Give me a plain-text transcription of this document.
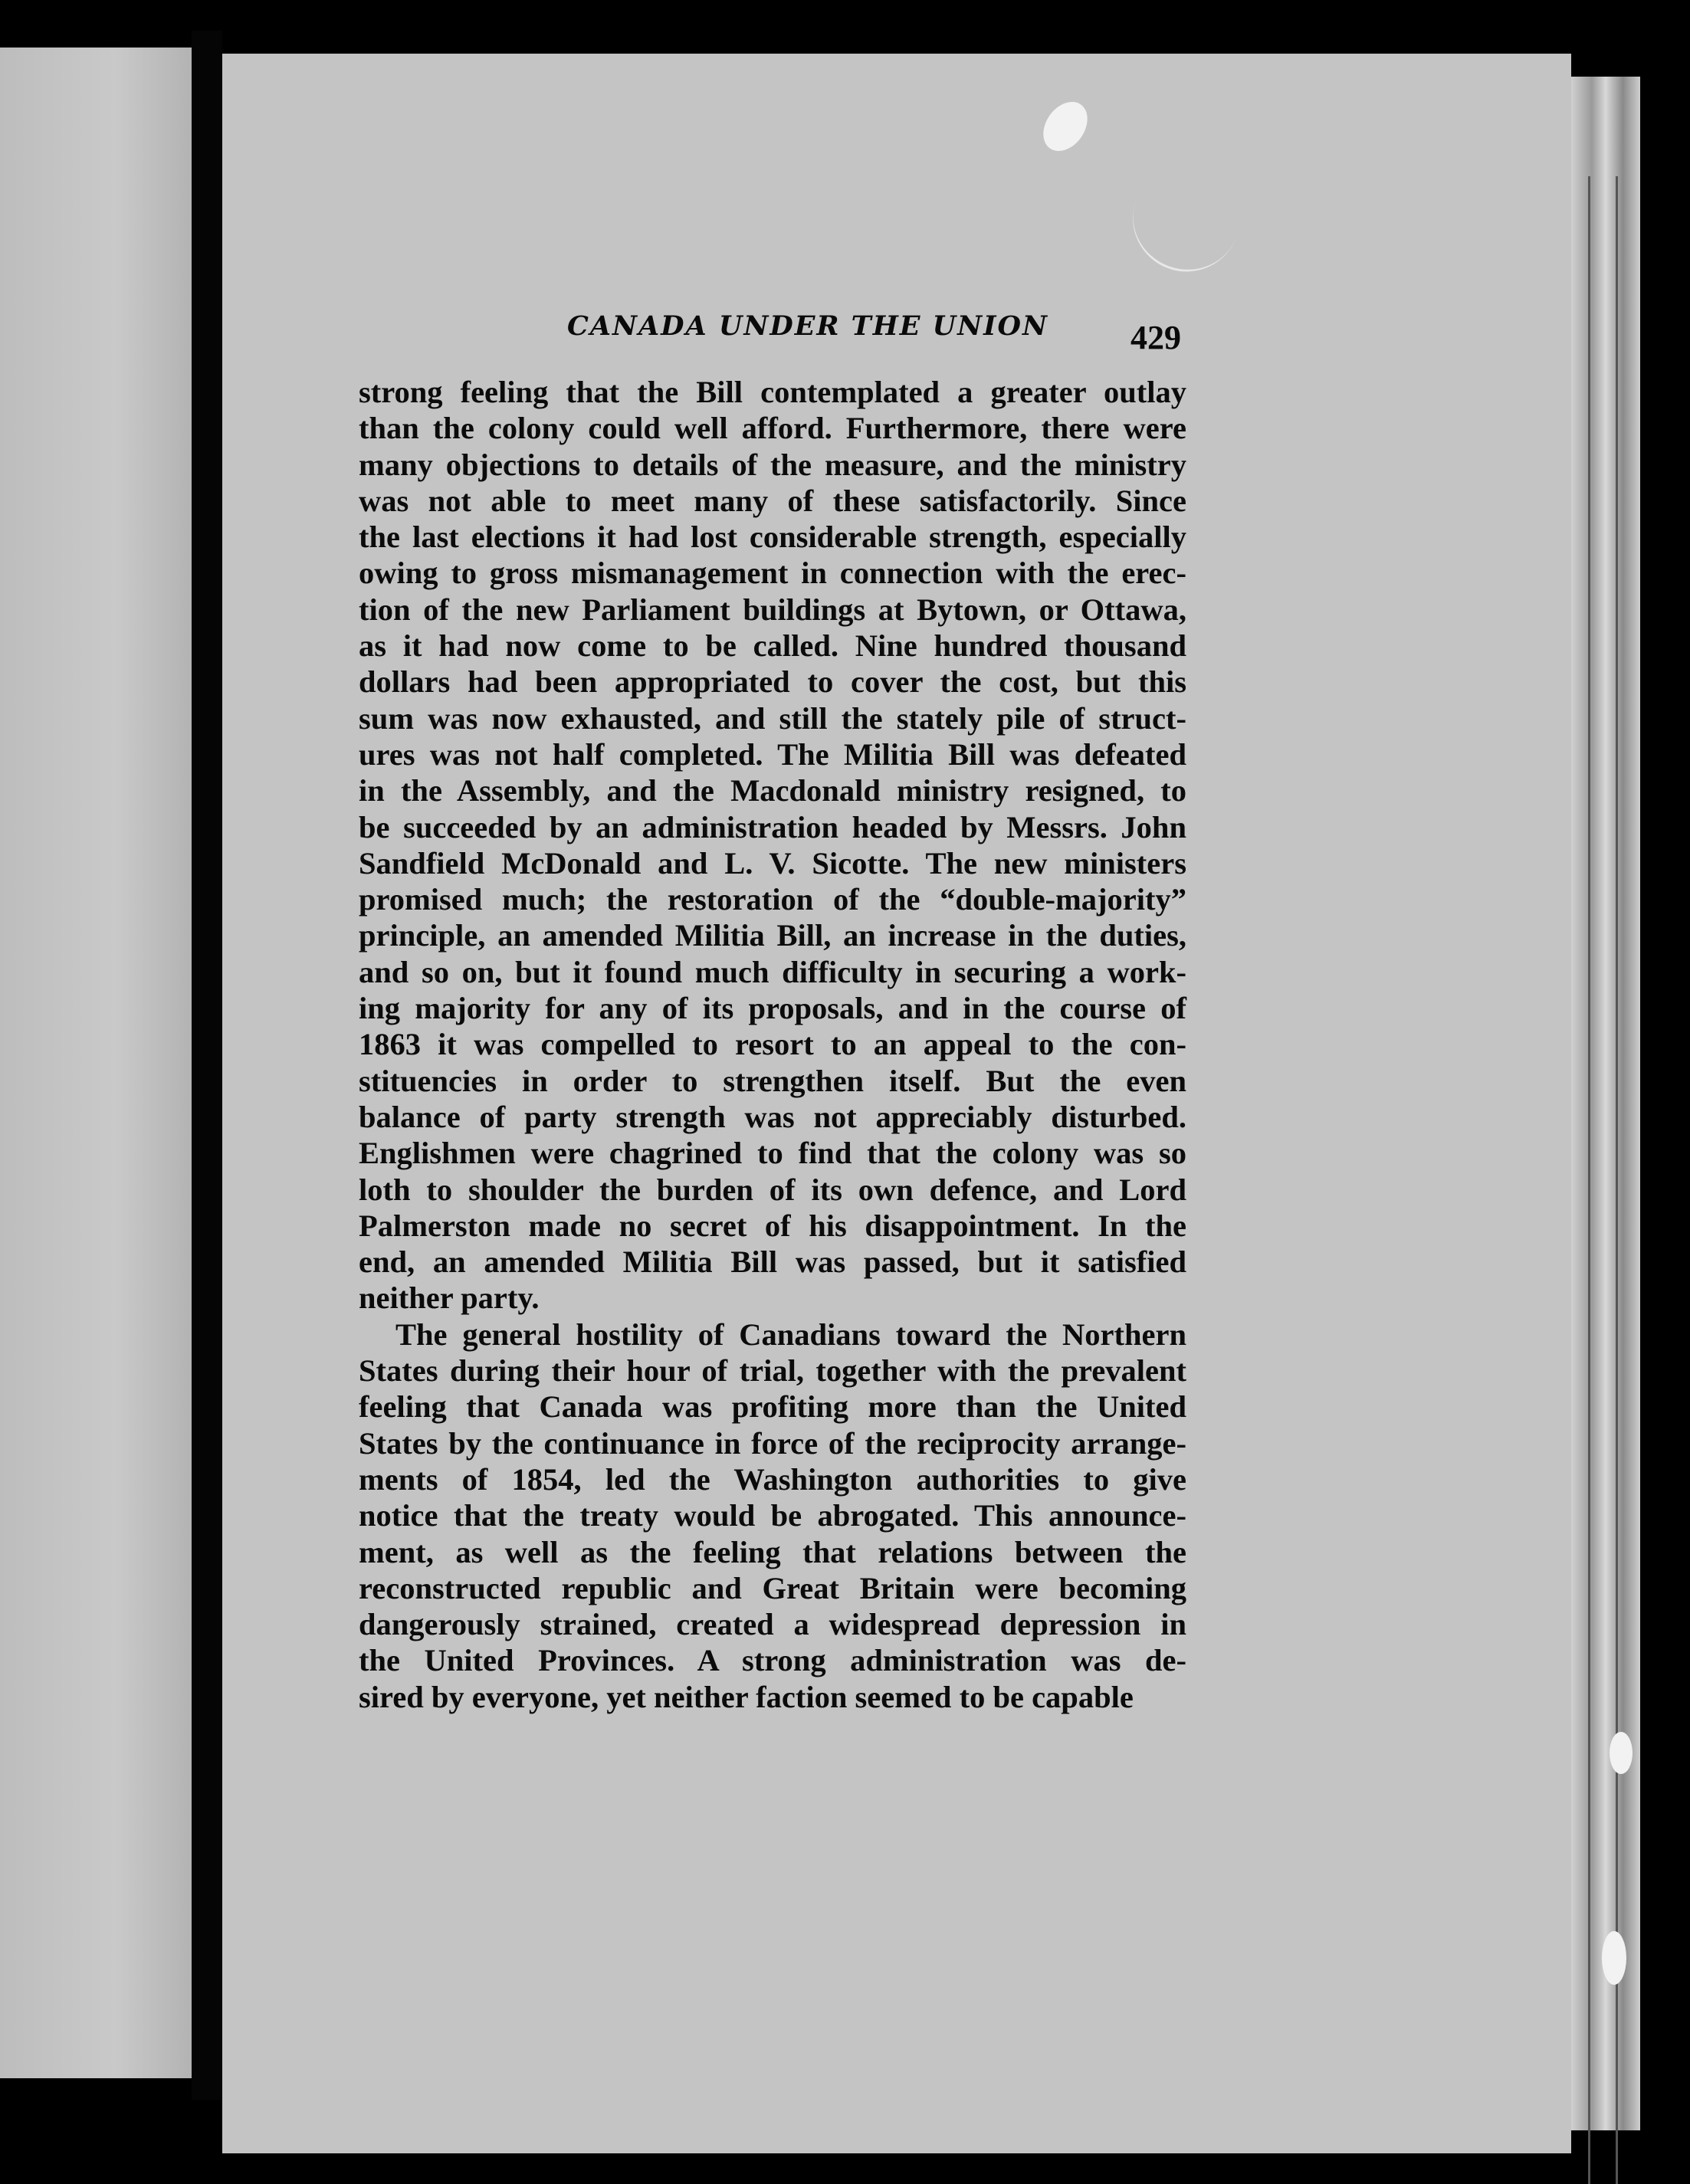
CANADA UNDER THE UNION 429
strong feeling that the Bill contemplated a greater outlay
than the colony could well afford. Furthermore, there were
many objections to details of the measure, and the ministry
was not able to meet many of these satisfactorily. Since
the last elections it had lost considerable strength, especially
owing to gross mismanagement in connection with the erec-
tion of the new Parliament buildings at Bytown, or Ottawa,
as it had now come to be called. Nine hundred thousand
dollars had been appropriated to cover the cost, but this
sum was now exhausted, and still the stately pile of struct-
ures was not half completed. The Militia Bill was defeated
in the Assembly, and the Macdonald ministry resigned, to
be succeeded by an administration headed by Messrs. John
Sandfield McDonald and L. V. Sicotte. The new ministers
promised much; the restoration of the “double-majority”
principle, an amended Militia Bill, an increase in the duties,
and so on, but it found much difficulty in securing a work-
ing majority for any of its proposals, and in the course of
1863 it was compelled to resort to an appeal to the con-
stituencies in order to strengthen itself. But the even
balance of party strength was not appreciably disturbed.
Englishmen were chagrined to find that the colony was so
loth to shoulder the burden of its own defence, and Lord
Palmerston made no secret of his disappointment. In the
end, an amended Militia Bill was passed, but it satisfied
neither party.
The general hostility of Canadians toward the Northern
States during their hour of trial, together with the prevalent
feeling that Canada was profiting more than the United
States by the continuance in force of the reciprocity arrange-
ments of 1854, led the Washington authorities to give
notice that the treaty would be abrogated. This announce-
ment, as well as the feeling that relations between the
reconstructed republic and Great Britain were becoming
dangerously strained, created a widespread depression in
the United Provinces. A strong administration was de-
sired by everyone, yet neither faction seemed to be capable
